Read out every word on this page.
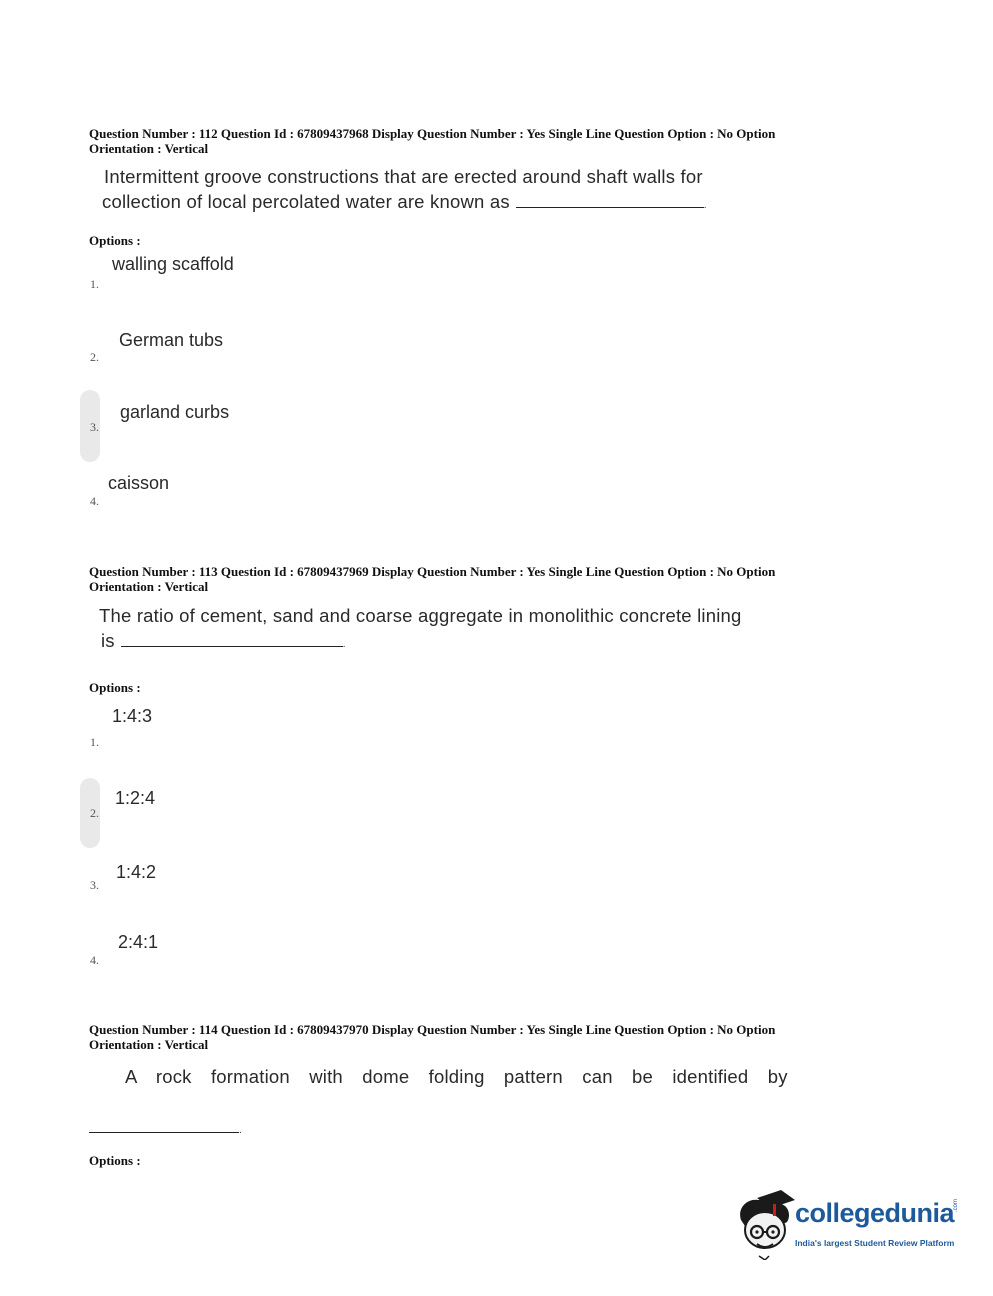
Question Number : 112 Question Id : 67809437968 Display Question Number : Yes Single Line Question Option : No Option
Orientation : Vertical
Intermittent groove constructions that are erected around shaft walls for
collection of local percolated water are known as	.
Options :
walling scaffold
1.
German tubs
2.
garland curbs
3.
caisson
4.
Question Number : 113 Question Id : 67809437969 Display Question Number : Yes Single Line Question Option : No Option
Orientation : Vertical
The ratio of cement, sand and coarse aggregate in monolithic concrete lining
is	.
Options :
1:4:3
1.
1:2:4
2.
1:4:2
3.
2:4:1
4.
Question Number : 114 Question Id : 67809437970 Display Question Number : Yes Single Line Question Option : No Option
Orientation : Vertical
A rock formation with dome folding pattern can be identified by
.
Options :
collegedunia
.com
India's largest Student Review Platform
